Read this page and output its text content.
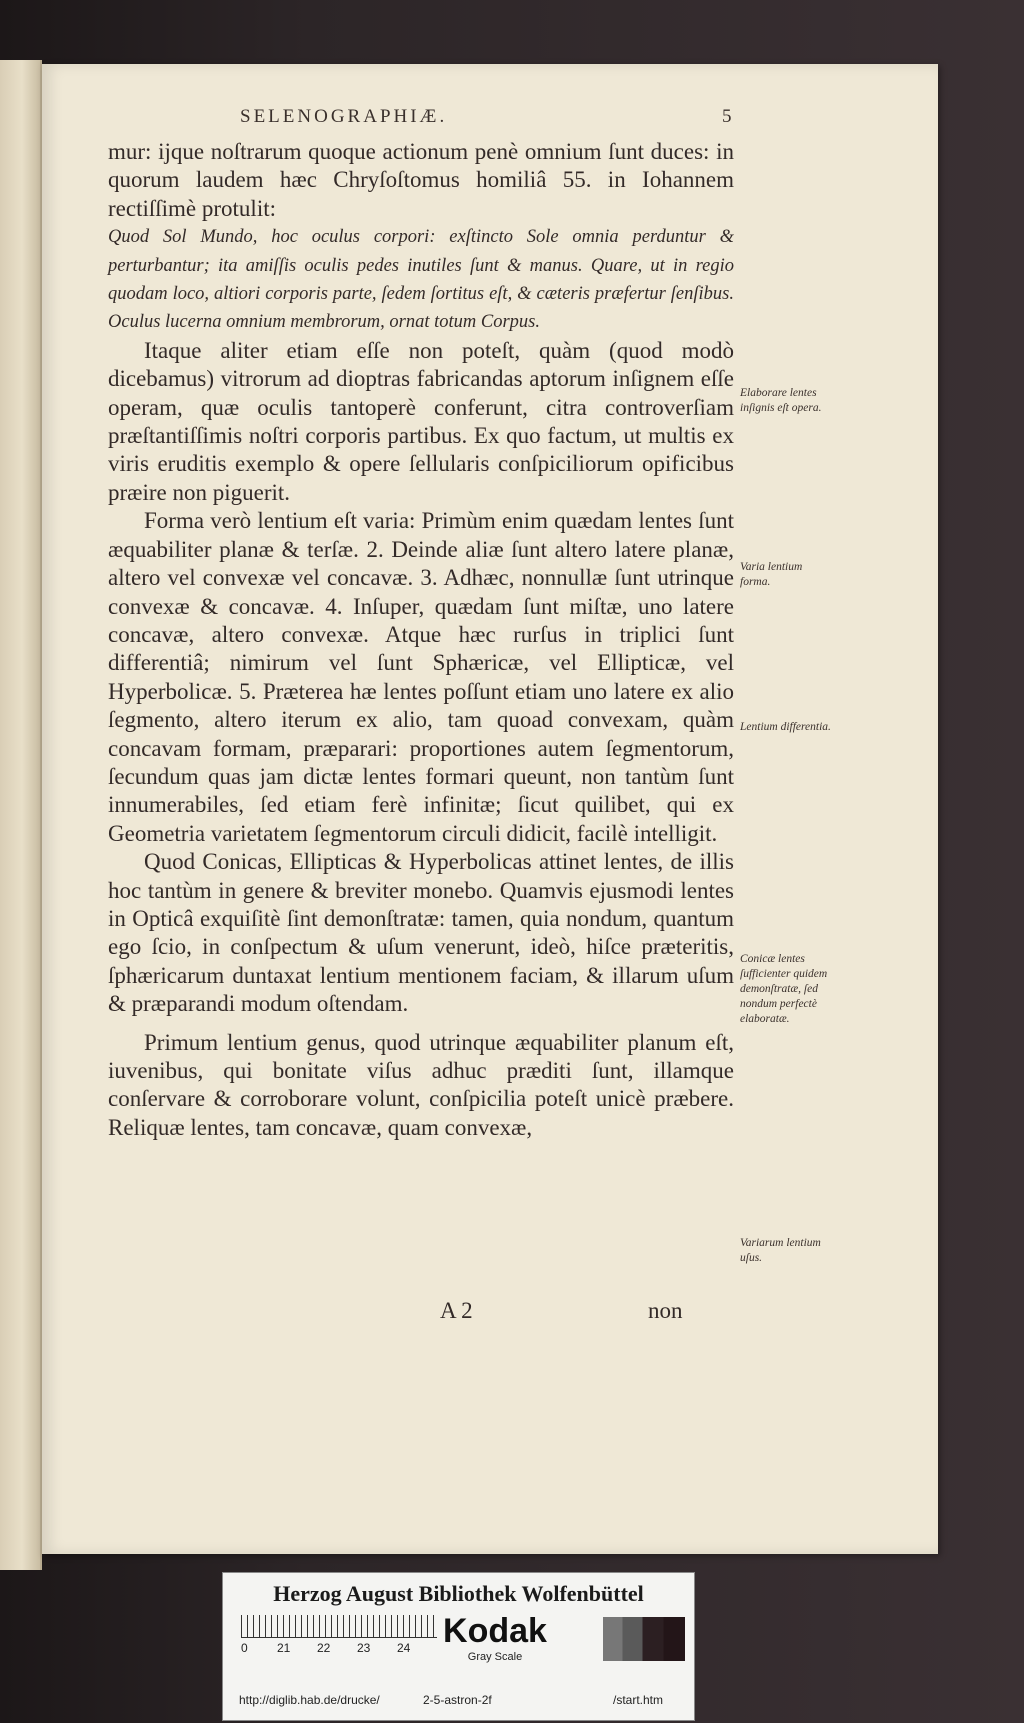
SELENOGRAPHIÆ.	5

mur: ijque noſtrarum quoque actionum penè omnium ſunt duces: in quorum laudem hæc Chryſoſtomus homiliâ 55. in Iohannem rectiſſimè protulit:

Quod Sol Mundo, hoc oculus corpori: exſtincto Sole omnia perduntur & perturbantur; ita amiſſis oculis pedes inutiles ſunt & manus. Quare, ut in regio quodam loco, altiori corporis parte, ſedem ſortitus eſt, & cæteris præfertur ſenſibus. Oculus lucerna omnium membrorum, ornat totum Corpus.

Itaque aliter etiam eſſe non poteſt, quàm (quod modò dicebamus) vitrorum ad dioptras fabricandas aptorum inſignem eſſe operam, quæ oculis tantoperè conferunt, citra controverſiam præſtantiſſimis noſtri corporis partibus. Ex quo factum, ut multis ex viris eruditis exemplo & opere ſellularis conſpiciliorum opificibus præire non piguerit.

Forma verò lentium eſt varia: Primùm enim quædam lentes ſunt æquabiliter planæ & terſæ. 2. Deinde aliæ ſunt altero latere planæ, altero vel convexæ vel concavæ. 3. Adhæc, nonnullæ ſunt utrinque convexæ & concavæ. 4. Inſuper, quædam ſunt miſtæ, uno latere concavæ, altero convexæ. Atque hæc rurſus in triplici ſunt differentiâ; nimirum vel ſunt Sphæricæ, vel Ellipticæ, vel Hyperbolicæ. 5. Præterea hæ lentes poſſunt etiam uno latere ex alio ſegmento, altero iterum ex alio, tam quoad convexam, quàm concavam formam, præparari: proportiones autem ſegmentorum, ſecundum quas jam dictæ lentes formari queunt, non tantùm ſunt innumerabiles, ſed etiam ferè infinitæ; ſicut quilibet, qui ex Geometria varietatem ſegmentorum circuli didicit, facilè intelligit.

Quod Conicas, Ellipticas & Hyperbolicas attinet lentes, de illis hoc tantùm in genere & breviter monebo. Quamvis ejusmodi lentes in Opticâ exquiſitè ſint demonſtratæ: tamen, quia nondum, quantum ego ſcio, in conſpectum & uſum venerunt, ideò, hiſce præteritis, ſphæricarum duntaxat lentium mentionem faciam, & illarum uſum & præparandi modum oſtendam.

Primum lentium genus, quod utrinque æquabiliter planum eſt, iuvenibus, qui bonitate viſus adhuc præditi ſunt, illamque conſervare & corroborare volunt, conſpicilia poteſt unicè præbere. Reliquæ lentes, tam concavæ, quam convexæ,

Elaborare lentes inſignis eſt opera.
Varia lentium forma.
Lentium differentia.
Conicæ lentes ſufficienter quidem demonſtratæ, ſed nondum perfectè elaboratæ.
Variarum lentium uſus.
A 2	non
Herzog August Bibliothek Wolfenbüttel
0 21 22 23 24 Kodak
Gray Scale
http://diglib.hab.de/drucke/	2-5-astron-2f	/start.htm
